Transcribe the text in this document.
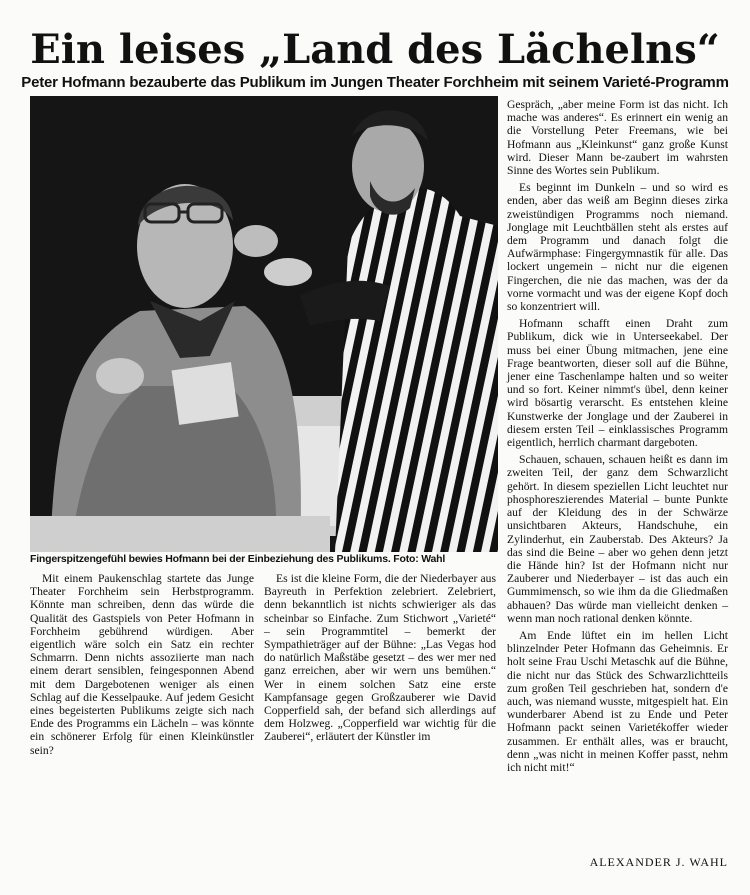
Ein leises „Land des Lächelns“
Peter Hofmann bezauberte das Publikum im Jungen Theater Forchheim mit seinem Varieté-Programm
Fingerspitzengefühl bewies Hofmann bei der Einbeziehung des Publikums. Foto: Wahl

Mit einem Paukenschlag startete das Junge Theater Forchheim sein Herbstprogramm. Könnte man schreiben, denn das würde die Qualität des Gastspiels von Peter Hofmann in Forchheim gebührend würdigen. Aber eigentlich wäre solch ein Satz ein rechter Schmarrn. Denn nichts assoziierte man nach einem derart sensiblen, feingesponnen Abend mit dem Dargebotenen weniger als einen Schlag auf die Kesselpauke. Auf jedem Gesicht eines begeisterten Publikums zeigte sich nach Ende des Programms ein Lächeln – was könnte ein schönerer Erfolg für einen Kleinkünstler sein?

Es ist die kleine Form, die der Niederbayer aus Bayreuth in Perfektion zelebriert. Zelebriert, denn bekanntlich ist nichts schwieriger als das scheinbar so Einfache. Zum Stichwort „Varieté“ – sein Programmtitel – bemerkt der Sympathieträger auf der Bühne: „Las Vegas hod do natürlich Maßstäbe gesetzt – des wer mer ned ganz erreichen, aber wir wern uns bemühen.“ Wer in einem solchen Satz eine erste Kampfansage gegen Großzauberer wie David Copperfield sah, der befand sich allerdings auf dem Holzweg. „Copperfield war wichtig für die Zauberei“, erläutert der Künstler im

Gespräch, „aber meine Form ist das nicht. Ich mache was anderes“. Es erinnert ein wenig an die Vorstellung Peter Freemans, wie bei Hofmann aus „Kleinkunst“ ganz große Kunst wird. Dieser Mann be-zaubert im wahrsten Sinne des Wortes sein Publikum.

Es beginnt im Dunkeln – und so wird es enden, aber das weiß am Beginn dieses zirka zweistündigen Programms noch niemand. Jonglage mit Leuchtbällen steht als erstes auf dem Programm und danach folgt die Aufwärmphase: Fingergymnastik für alle. Das lockert ungemein – nicht nur die eigenen Fingerchen, die nie das machen, was der da vorne vormacht und was der eigene Kopf doch so konzentriert will.

Hofmann schafft einen Draht zum Publikum, dick wie in Unterseekabel. Der muss bei einer Übung mitmachen, jene eine Frage beantworten, dieser soll auf die Bühne, jener eine Taschenlampe halten und so weiter und so fort. Keiner nimmt's übel, denn keiner wird bösartig verarscht. Es entstehen kleine Kunstwerke der Jonglage und der Zauberei in diesem ersten Teil – einklassisches Programm eigentlich, herrlich charmant dargeboten.

Schauen, schauen, schauen heißt es dann im zweiten Teil, der ganz dem Schwarzlicht gehört. In diesem speziellen Licht leuchtet nur phosphoreszierendes Material – bunte Punkte auf der Kleidung des in der Schwärze unsichtbaren Akteurs, Handschuhe, ein Zylinderhut, ein Zauberstab. Des Akteurs? Ja das sind die Beine – aber wo gehen denn jetzt die Hände hin? Ist der Hofmann nicht nur Zauberer und Niederbayer – ist das auch ein Gummimensch, so wie ihm da die Gliedmaßen abhauen? Das würde man vielleicht denken – wenn man noch rational denken könnte.

Am Ende lüftet ein im hellen Licht blinzelnder Peter Hofmann das Geheimnis. Er holt seine Frau Uschi Metaschk auf die Bühne, die nicht nur das Stück des Schwarzlichtteils zum großen Teil geschrieben hat, sondern d'e auch, was niemand wusste, mitgespielt hat. Ein wunderbarer Abend ist zu Ende und Peter Hofmann packt seinen Varietékoffer wieder zusammen. Er enthält alles, was er braucht, denn „was nicht in meinen Koffer passt, nehm ich nicht mit!“

ALEXANDER J. WAHL
